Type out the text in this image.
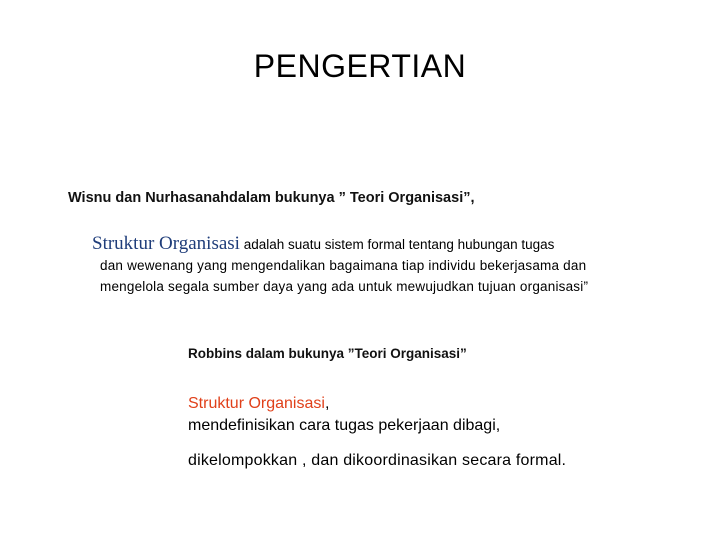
PENGERTIAN
Wisnu dan Nurhasanahdalam bukunya ” Teori Organisasi”,
Struktur Organisasi adalah suatu sistem formal tentang hubungan tugas
dan wewenang yang mengendalikan bagaimana tiap individu bekerjasama dan
mengelola segala sumber daya yang ada untuk mewujudkan tujuan organisasi”
Robbins dalam bukunya ”Teori Organisasi”
Struktur Organisasi,
mendefinisikan cara tugas pekerjaan dibagi,
dikelompokkan , dan dikoordinasikan secara formal.
